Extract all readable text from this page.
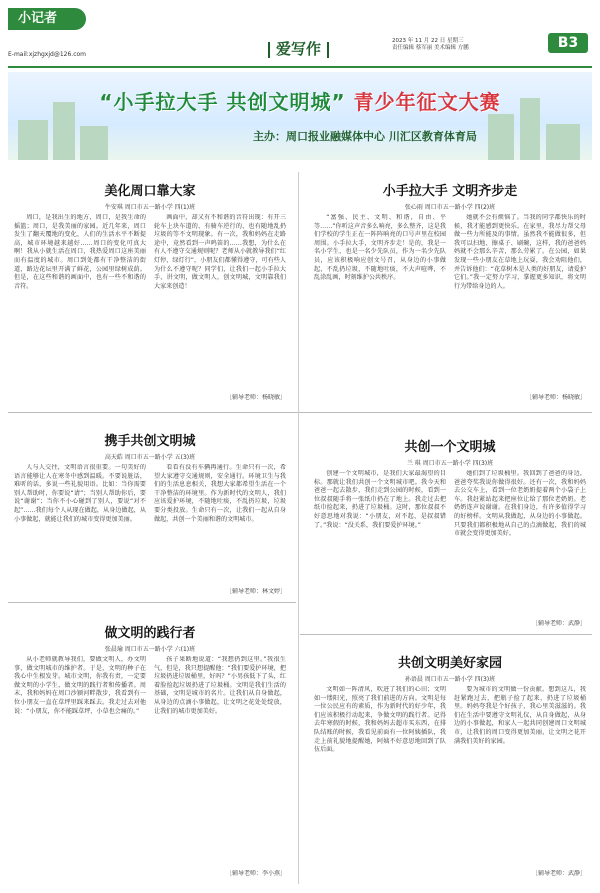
小记者
E-mail:xjzhgxjd@126.com	爱写作	2023 年 11 月 22 日 星期三
责任编辑 蔡军丽 美术编辑 方鹏	B3
“小手拉大手 共创文明城” 青少年征文大赛
主办：周口报业融媒体中心 川汇区教育体育局
美化周口靠大家
牛安琪 周口市五一路小学 四(1)班

周口，是我出生的地方，周口，是我生命的摇篮；周口，是我美丽的家园。近几年来，周口发生了翻天覆地的变化，人们的生活水平不断提高，城市环境越来越好……周口的变化可真大啊！我从小就生活在周口，我热爱周口这座美丽而有温度的城市。周口到处都有干净整洁的街道，路边花坛里开满了鲜花，公园里绿树成荫。但是，在这些和谐的画面中，也有一些不和谐的音符。

画面中，却又有不和谐的音符出现：有开三轮车上块车道的、有骑车逆行的、也有随地乱扔垃圾的等不文明现象。有一次，我和妈妈在走路途中，竟然看到一声鸣笛的……我想，为什么在有人不遵守交通规则呢？老师从小就教导我们“红灯停，绿灯行”，小朋友们都懂得遵守，可有些人为什么不遵守呢？同学们，让我们一起小手拉大手，讲文明，做文明人，创文明城，文明靠我们大家来创造！

［辅导老师：杨晓敏］
小手拉大手 文明齐步走
张心雨 周口市五一路小学 四(2)班

“富强、民主、文明、和谐，自由、平等……”你听这声音多么响亮，多么整齐，这是我们学校的学生正在一阵阵响亮的口号声里在校园周围。小手拉大手，文明齐步走！是的，我是一名小学生，也是一名少先队员，作为一名少先队员，应该积极响应创文号召，从身边的小事做起，不乱扔垃圾，不随地吐痰，不大声喧哗，不乱涂乱画，时刻维护公共秩序。

她就不会有烦恼了。当我的同学都快乐的时候，我才能感到更快乐。在家里，我尽力帮父母做一些力所能及的事情。虽然我不能做很多，但我可以扫地、擦桌子、刷碗，这样，我的爸爸妈妈就不会那么辛苦，那么劳累了。在公园，如果发现一些小朋友在草地上玩耍，我会劝阻他们，并告诉他们：“花草树木是人类的好朋友，请爱护它们。”我一定努力学习，掌握更多知识，将文明行为带给身边的人。

［辅导老师：杨晓敏］
携手共创文明城
高天皓 周口市五一路小学 五(3)班

人与人交往，文明语言很重要。一句美好的语言能够让人在寒冬中感到温暖。不要说脏话，难听的话，多说一些礼貌用语。比如：当你需要别人帮助时，你要说“请”；当别人帮助你后，要说“谢谢”；当你不小心碰到了别人，要说“对不起”……我们每个人从现在做起，从身边做起，从小事做起，就能让我们的城市变得更加美丽。

看看有没有车辆再通行。生命只有一次，希望大家遵守交通规则，安全通行。环境卫生与我们的生活息息相关，我想大家都希望生活在一个干净整洁的环境里。作为新时代的文明人，我们应该爱护环境，不随地吐痰，不乱扔垃圾，垃圾要分类投放。生命只有一次，让我们一起从自身做起，共创一个美丽和谐的文明城市。

［辅导老师：林文婷］
共创一个文明城
兰 琪 周口市五一路小学 四(3)班

创建一个文明城市，是我们大家最渴望的目标。那就让我们共创一个文明城市吧。我今天和爸爸一起去散步，我们走到公园的时候，看到一位叔叔随手将一张纸巾扔在了地上。我走过去把纸巾捡起来，扔进了垃圾桶。这时，那位叔叔不好意思地对我说：“小朋友，对不起，是叔叔错了。”我说：“没关系，我们要爱护环境。”

她们到了垃圾桶里。我回到了爸爸的身边，爸爸夸奖我说你做得很好。还有一次，我和妈妈去公交车上，看到一位老奶奶提着两个小袋子上车。我赶紧站起来把座位让给了那位老奶奶。老奶奶连声说谢谢。在我们身边，有许多值得学习的好榜样。文明从我做起，从身边的小事做起。只要我们都积极地从自己的点滴做起，我们的城市就会变得更加美好。

［辅导老师：武静］
做文明的践行者
张晨瑜 周口市五一路小学 六(1)班

从小老师就教导我们，要做文明人，办文明事，做文明城市的维护者。于是，文明的种子在我心中生根发芽。城市文明，你我有责，一定要做文明的小学生，做文明的践行者和传播者。周末，我和妈妈在周口沙颍河畔散步，我看到有一位小朋友一直在草坪里踩来踩去。我走过去对他说：“小朋友，你不能踩草坪，小草也会痛的。”

孩子果断地说道：“我想扔到这里。”我很生气，但是，我只想提醒他：“我们要爱护环境，把垃圾扔进垃圾桶里，好吗？”小男孩低下了头，红着脸捡起垃圾扔进了垃圾桶。文明是我们生活的基础，文明是城市的名片。让我们从自身做起，从身边的点滴小事做起，让文明之花处处绽放，让我们的城市更加美好。

［辅导老师：李小燕］
共创文明美好家园
孙语晨 周口市五一路小学 四(3)班

文明如一阵清风，吹进了我们的心田；文明如一缕阳光，照亮了我们前进的方向。文明是每一位公民应有的素质，作为新时代的好少年，我们应该积极行动起来，争做文明的践行者。记得去年寒假的时候，我和妈妈去超市买东西，在排队结账的时候，我看见前面有一位阿姨插队，我走上前礼貌地提醒她，阿姨不好意思地回到了队伍后面。

要为城市的文明做一份贡献。想到这儿，我赶紧跑过去，把瓶子捡了起来，扔进了垃圾桶里。妈妈夸我是个好孩子，我心里美滋滋的。我们在生活中要遵守文明礼仪，从自身做起，从身边的小事做起，和家人一起共同创建周口文明城市，让我们的周口变得更加美丽，让文明之花开满我们美好的家园。

［辅导老师：武静］
